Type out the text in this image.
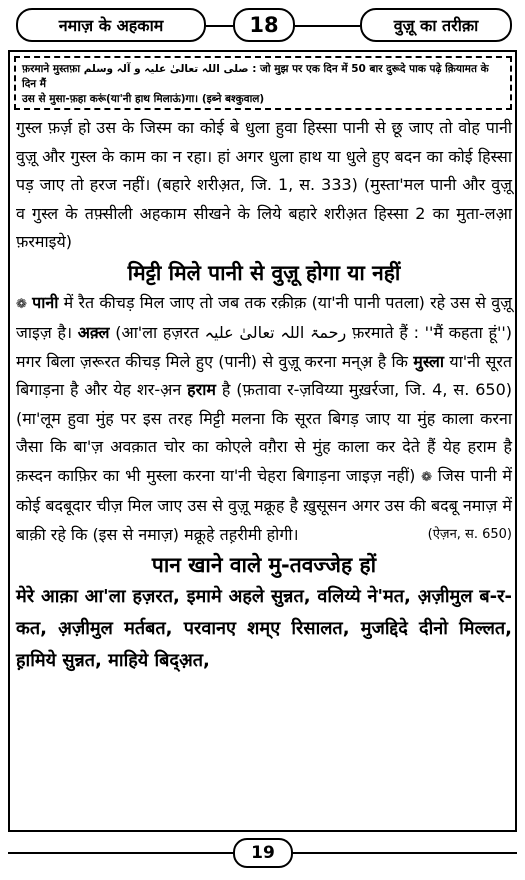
नमाज़ के अहकाम	18	वुज़ू का तरीक़ा
फ़रमाने मुस्तफ़ा صلی اللہ تعالیٰ علیہ و آلہ وسلم : जो मुझ पर एक दिन में 50 बार दुरूदे पाक पढ़े क़ियामत के दिन मैं
उस से मुसा-फ़हा करूं(या'नी हाथ मिलाऊं)गा। (इब्ने बश्कुवाल)
गुस्ल फ़र्ज़ हो उस के जिस्म का कोई बे धुला हुवा हिस्सा पानी से छू जाए तो वोह पानी वुज़ू और गुस्ल के काम का न रहा। हां अगर धुला हाथ या धुले हुए बदन का कोई हिस्सा पड़ जाए तो हरज नहीं। (बहारे शरीअ़त, जि. 1, स. 333) (मुस्ता'मल पानी और वुज़ू व गुस्ल के तफ़्सीली अहकाम सीखने के लिये बहारे शरीअ़त हिस्सा 2 का मुता-लआ़ फ़रमाइये)
मिट्टी मिले पानी से वुज़ू होगा या नहीं
❁ पानी में रैत कीचड़ मिल जाए तो जब तक रक़ीक़ (या'नी पानी पतला) रहे उस से वुज़ू जाइज़ है। अक़्ल (आ'ला हज़रत رحمۃ اللہ تعالیٰ علیہ फ़रमाते हैं : ''मैं कहता हूं'') मगर बिला ज़रूरत कीचड़ मिले हुए (पानी) से वुज़ू करना मन्अ़ है कि मुस्ला या'नी सूरत बिगाड़ना है और येह शर-अ़न हराम है (फ़तावा र-ज़विय्या मुख़र्रजा, जि. 4, स. 650) (मा'लूम हुवा मुंह पर इस तरह मिट्टी मलना कि सूरत बिगड़ जाए या मुंह काला करना जैसा कि बा'ज़ अवक़ात चोर का कोएले वग़ैरा से मुंह काला कर देते हैं येह हराम है क़स्दन काफ़िर का भी मुस्ला करना या'नी चेहरा बिगाड़ना जाइज़ नहीं) ❁ जिस पानी में कोई बदबूदार चीज़ मिल जाए उस से वुज़ू मक्रूह है ख़ुसूसन अगर उस की बदबू नमाज़ में बाक़ी रहे कि (इस से नमाज़) मक्रूहे तह़रीमी होगी।	(ऐज़न, स. 650)
पान खाने वाले मु-तवज्जेह हों
मेरे आक़ा आ'ला हज़रत, इमामे अहले सुन्नत, वलिय्ये ने'मत, अ़ज़ीमुल ब-र-कत, अ़ज़ीमुल मर्तबत, परवानए शम्ए रिसालत, मुजद्दिदे दीनो मिल्लत, ह़ामिये सुन्नत, माहिये बिद्अ़त,
19
